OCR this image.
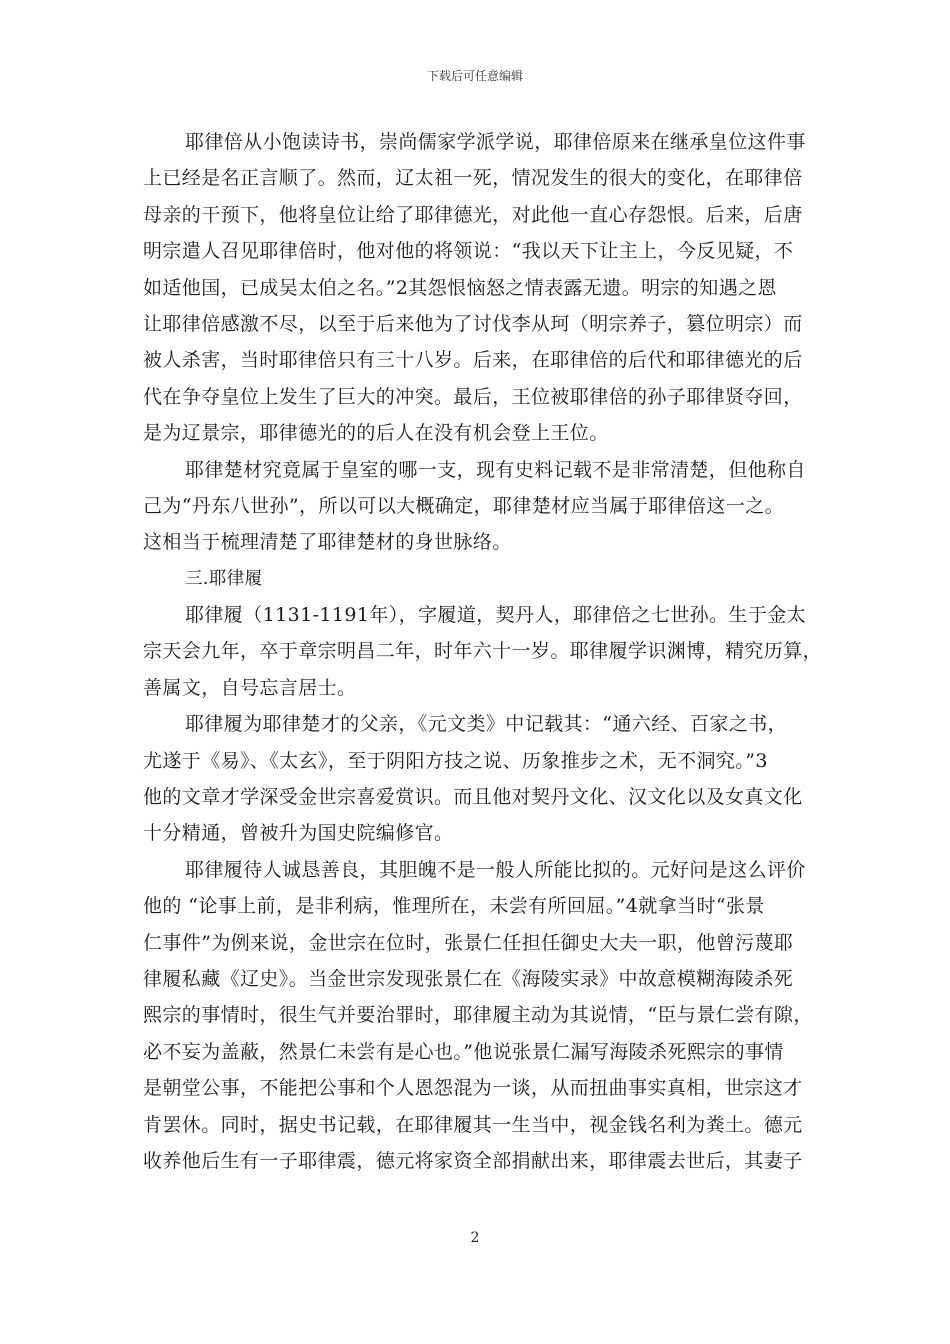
下载后可任意编辑
耶律倍从小饱读诗书，崇尚儒家学派学说，耶律倍原来在继承皇位这件事
上已经是名正言顺了。然而，辽太祖一死，情况发生的很大的变化，在耶律倍
母亲的干预下，他将皇位让给了耶律德光，对此他一直心存怨恨。后来，后唐
明宗遣人召见耶律倍时，他对他的将领说：“我以天下让主上，今反见疑，不
如适他国，已成吴太伯之名。”2其怨恨恼怒之情表露无遗。明宗的知遇之恩
让耶律倍感激不尽，以至于后来他为了讨伐李从珂（明宗养子，篡位明宗）而
被人杀害，当时耶律倍只有三十八岁。后来，在耶律倍的后代和耶律德光的后
代在争夺皇位上发生了巨大的冲突。最后，王位被耶律倍的孙子耶律贤夺回，
是为辽景宗，耶律德光的的后人在没有机会登上王位。
耶律楚材究竟属于皇室的哪一支，现有史料记载不是非常清楚，但他称自
己为“丹东八世孙”，所以可以大概确定，耶律楚材应当属于耶律倍这一之。
这相当于梳理清楚了耶律楚材的身世脉络。
三.耶律履
耶律履（1131-1191年），字履道，契丹人，耶律倍之七世孙。生于金太
宗天会九年，卒于章宗明昌二年，时年六十一岁。耶律履学识渊博，精究历算，
善属文，自号忘言居士。
耶律履为耶律楚才的父亲，《元文类》中记载其：“通六经、百家之书，
尤遂于《易》、《太玄》，至于阴阳方技之说、历象推步之术，无不洞究。”3
他的文章才学深受金世宗喜爱赏识。而且他对契丹文化、汉文化以及女真文化
十分精通，曾被升为国史院编修官。
耶律履待人诚恳善良，其胆魄不是一般人所能比拟的。元好问是这么评价
他的 “论事上前，是非利病，惟理所在，未尝有所回屈。”4就拿当时“张景
仁事件”为例来说，金世宗在位时，张景仁任担任御史大夫一职，他曾污蔑耶
律履私藏《辽史》。当金世宗发现张景仁在《海陵实录》中故意模糊海陵杀死
熙宗的事情时，很生气并要治罪时，耶律履主动为其说情，“臣与景仁尝有隙，
必不妄为盖蔽，然景仁未尝有是心也。”他说张景仁漏写海陵杀死熙宗的事情
是朝堂公事，不能把公事和个人恩怨混为一谈，从而扭曲事实真相，世宗这才
肯罢休。同时，据史书记载，在耶律履其一生当中，视金钱名利为粪土。德元
收养他后生有一子耶律震，德元将家资全部捐献出来，耶律震去世后，其妻子
2
